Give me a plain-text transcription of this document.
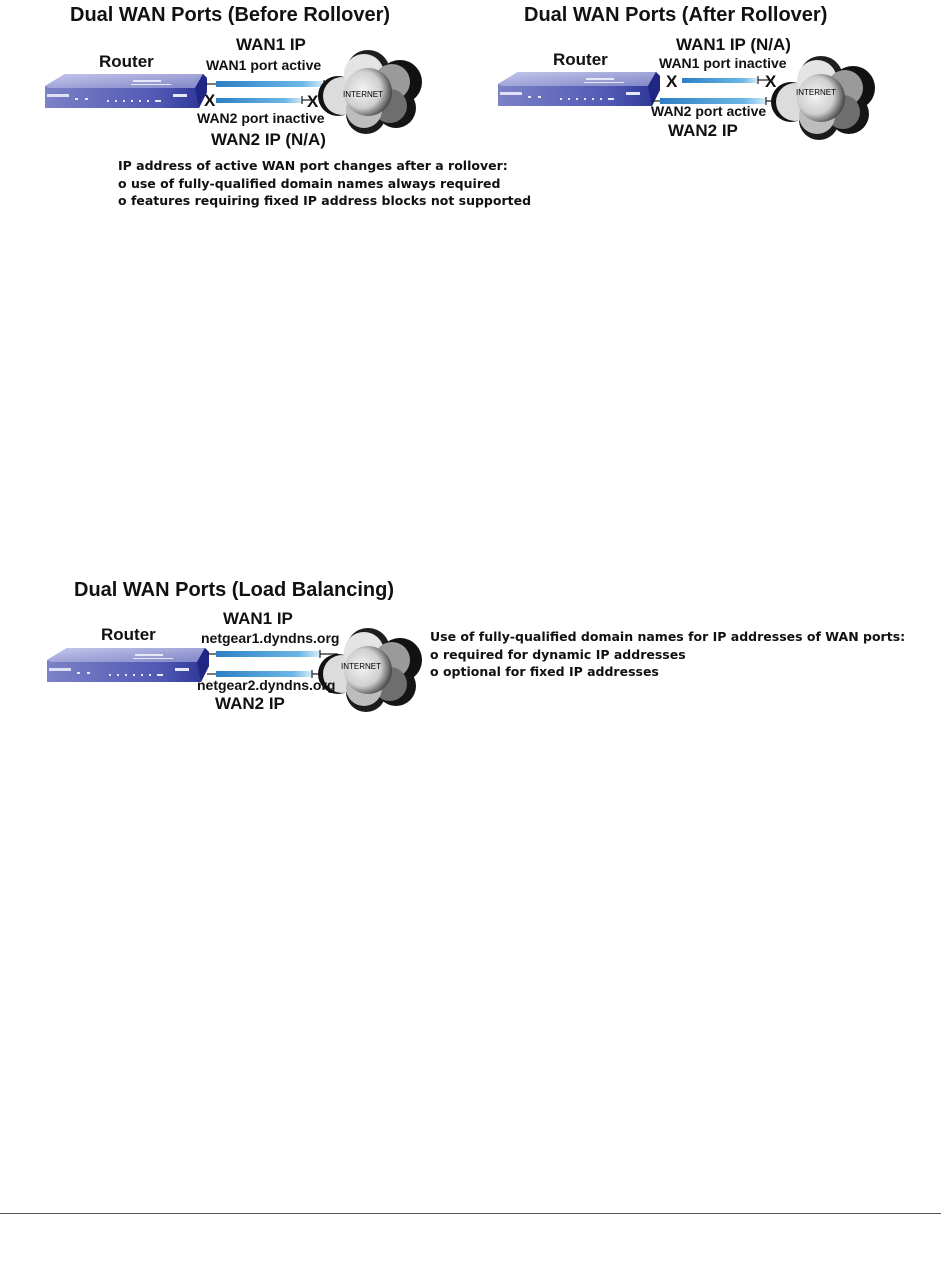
INTERNET	INTERNET
INTERNET
Dual WAN Ports (Before Rollover)
Router
WAN1 IP
WAN1 port active
X	X
WAN2 port inactive
WAN2 IP (N/A)
IP address of active WAN port changes after a rollover:
o use of fully-qualified domain names always required
o features requiring fixed IP address blocks not supported
Dual WAN Ports (After Rollover)
Router
WAN1 IP (N/A)
WAN1 port inactive
X	X
WAN2 port active
WAN2 IP
Dual WAN Ports (Load Balancing)
Router
WAN1 IP
netgear1.dyndns.org
netgear2.dyndns.org
WAN2 IP
Use of fully-qualified domain names for IP addresses of WAN ports:
o required for dynamic IP addresses
o optional for fixed IP addresses
